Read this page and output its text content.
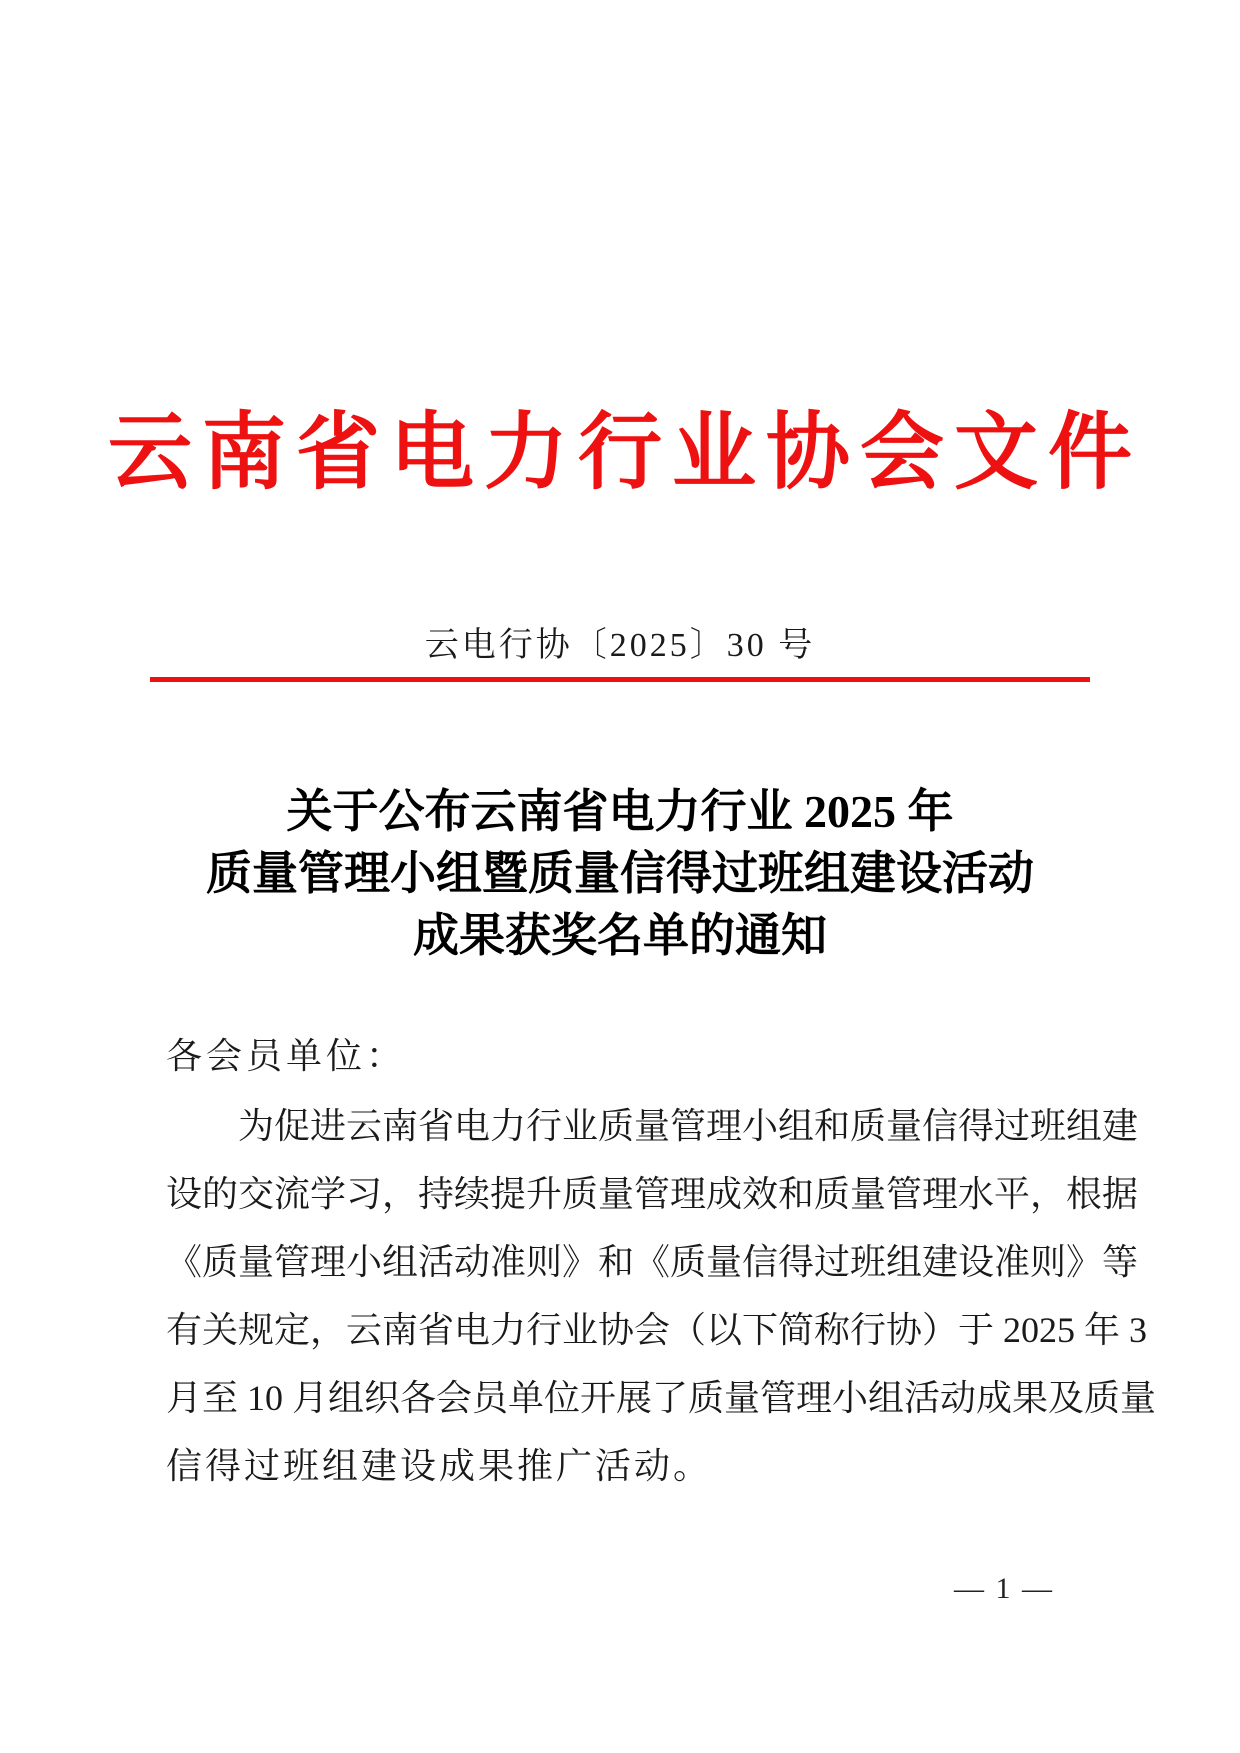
云南省电力行业协会文件
云电行协〔2025〕30 号
关于公布云南省电力行业 2025 年
质量管理小组暨质量信得过班组建设活动
成果获奖名单的通知
各会员单位：
为促进云南省电力行业质量管理小组和质量信得过班组建
设的交流学习，持续提升质量管理成效和质量管理水平，根据
《质量管理小组活动准则》和《质量信得过班组建设准则》等
有关规定，云南省电力行业协会（以下简称行协）于 2025 年 3
月至 10 月组织各会员单位开展了质量管理小组活动成果及质量
信得过班组建设成果推广活动。
— 1 —
